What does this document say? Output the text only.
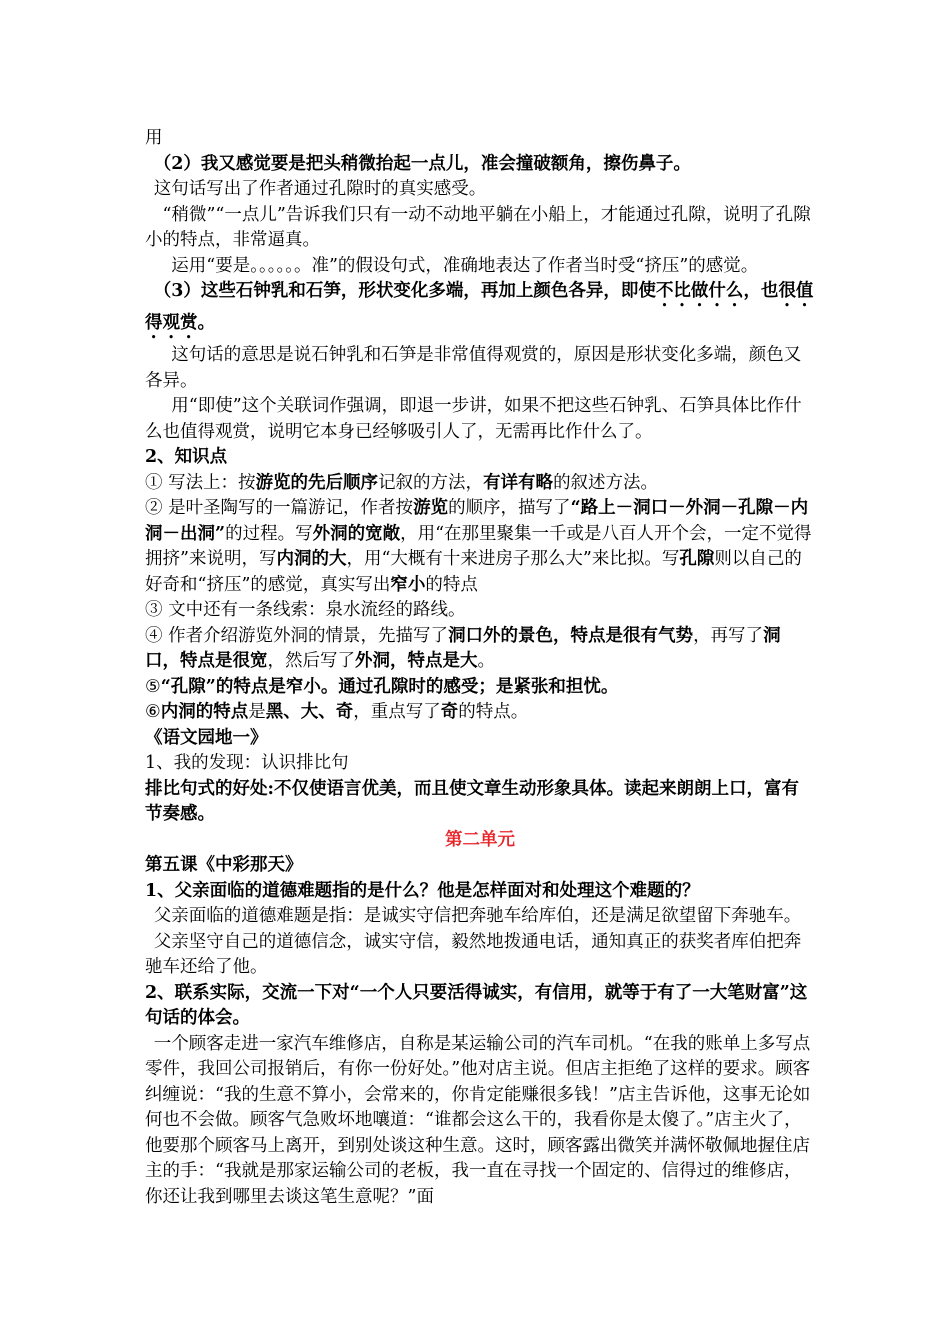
用

（2）我又感觉要是把头稍微抬起一点儿，准会撞破额角，擦伤鼻子。

这句话写出了作者通过孔隙时的真实感受。

“稍微”“一点儿”告诉我们只有一动不动地平躺在小船上，才能通过孔隙，说明了孔隙小的特点，非常逼真。

运用“要是。。。。。。准”的假设句式，准确地表达了作者当时受“挤压”的感觉。

（3）这些石钟乳和石笋，形状变化多端，再加上颜色各异，即使不比做什么，也很值得观赏。

这句话的意思是说石钟乳和石笋是非常值得观赏的，原因是形状变化多端，颜色又各异。

用“即使”这个关联词作强调，即退一步讲，如果不把这些石钟乳、石笋具体比作什么也值得观赏，说明它本身已经够吸引人了，无需再比作什么了。

2、知识点

① 写法上：按游览的先后顺序记叙的方法，有详有略的叙述方法。

② 是叶圣陶写的一篇游记，作者按游览的顺序，描写了“路上－洞口－外洞－孔隙－内洞－出洞”的过程。写外洞的宽敞，用“在那里聚集一千或是八百人开个会，一定不觉得拥挤”来说明，写内洞的大，用“大概有十来进房子那么大”来比拟。写孔隙则以自己的好奇和“挤压”的感觉，真实写出窄小的特点

③ 文中还有一条线索：泉水流经的路线。

④ 作者介绍游览外洞的情景，先描写了洞口外的景色，特点是很有气势，再写了洞口，特点是很宽，然后写了外洞，特点是大。

⑤“孔隙”的特点是窄小。通过孔隙时的感受；是紧张和担忧。

⑥内洞的特点是黑、大、奇，重点写了奇的特点。

《语文园地一》

1、我的发现：认识排比句

排比句式的好处:不仅使语言优美，而且使文章生动形象具体。读起来朗朗上口，富有节奏感。

第二单元

第五课《中彩那天》

1、父亲面临的道德难题指的是什么？他是怎样面对和处理这个难题的？

父亲面临的道德难题是指：是诚实守信把奔驰车给库伯，还是满足欲望留下奔驰车。

父亲坚守自己的道德信念，诚实守信，毅然地拨通电话，通知真正的获奖者库伯把奔驰车还给了他。

2、联系实际，交流一下对“一个人只要活得诚实，有信用，就等于有了一大笔财富”这句话的体会。

一个顾客走进一家汽车维修店，自称是某运输公司的汽车司机。“在我的账单上多写点零件，我回公司报销后，有你一份好处。”他对店主说。但店主拒绝了这样的要求。顾客纠缠说：“我的生意不算小，会常来的，你肯定能赚很多钱！”店主告诉他，这事无论如何也不会做。顾客气急败坏地嚷道：“谁都会这么干的，我看你是太傻了。”店主火了，他要那个顾客马上离开，到别处谈这种生意。这时，顾客露出微笑并满怀敬佩地握住店主的手：“我就是那家运输公司的老板，我一直在寻找一个固定的、信得过的维修店，你还让我到哪里去谈这笔生意呢？”面
